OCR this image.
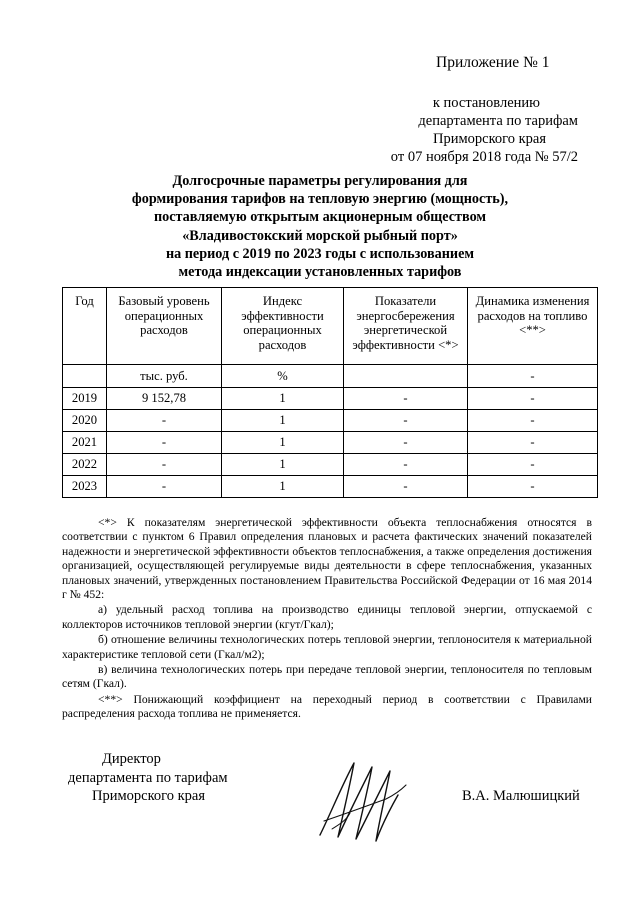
Приложение № 1
к постановлению
департамента по тарифам
Приморского края
от 07 ноября 2018 года № 57/2
Долгосрочные параметры регулирования для
формирования тарифов на тепловую энергию (мощность),
поставляемую открытым акционерным обществом
«Владивостокский морской рыбный порт»
на период с 2019 по 2023 годы с использованием
метода индексации установленных тарифов
Год	Базовый уровень операционных расходов	Индекс эффективности операционных расходов	Показатели энергосбережения энергетической эффективности <*>	Динамика изменения расходов на топливо <**>
	тыс. руб.	%		-
2019	9 152,78	1	-	-
2020	-	1	-	-
2021	-	1	-	-
2022	-	1	-	-
2023	-	1	-	-

<*> К показателям энергетической эффективности объекта теплоснабжения относятся в соответствии с пунктом 6 Правил определения плановых и расчета фактических значений показателей надежности и энергетической эффективности объектов теплоснабжения, а также определения достижения организацией, осуществляющей регулируемые виды деятельности в сфере теплоснабжения, указанных плановых значений, утвержденных постановлением Правительства Российской Федерации от 16 мая 2014 г № 452:

а) удельный расход топлива на производство единицы тепловой энергии, отпускаемой с коллекторов источников тепловой энергии (кгут/Гкал);

б) отношение величины технологических потерь тепловой энергии, теплоносителя к материальной характеристике тепловой сети (Гкал/м2);

в) величина технологических потерь при передаче тепловой энергии, теплоносителя по тепловым сетям (Гкал).

<**> Понижающий коэффициент на переходный период в соответствии с Правилами распределения расхода топлива не применяется.

Директор
департамента по тарифам
Приморского края	В.А. Малюшицкий
